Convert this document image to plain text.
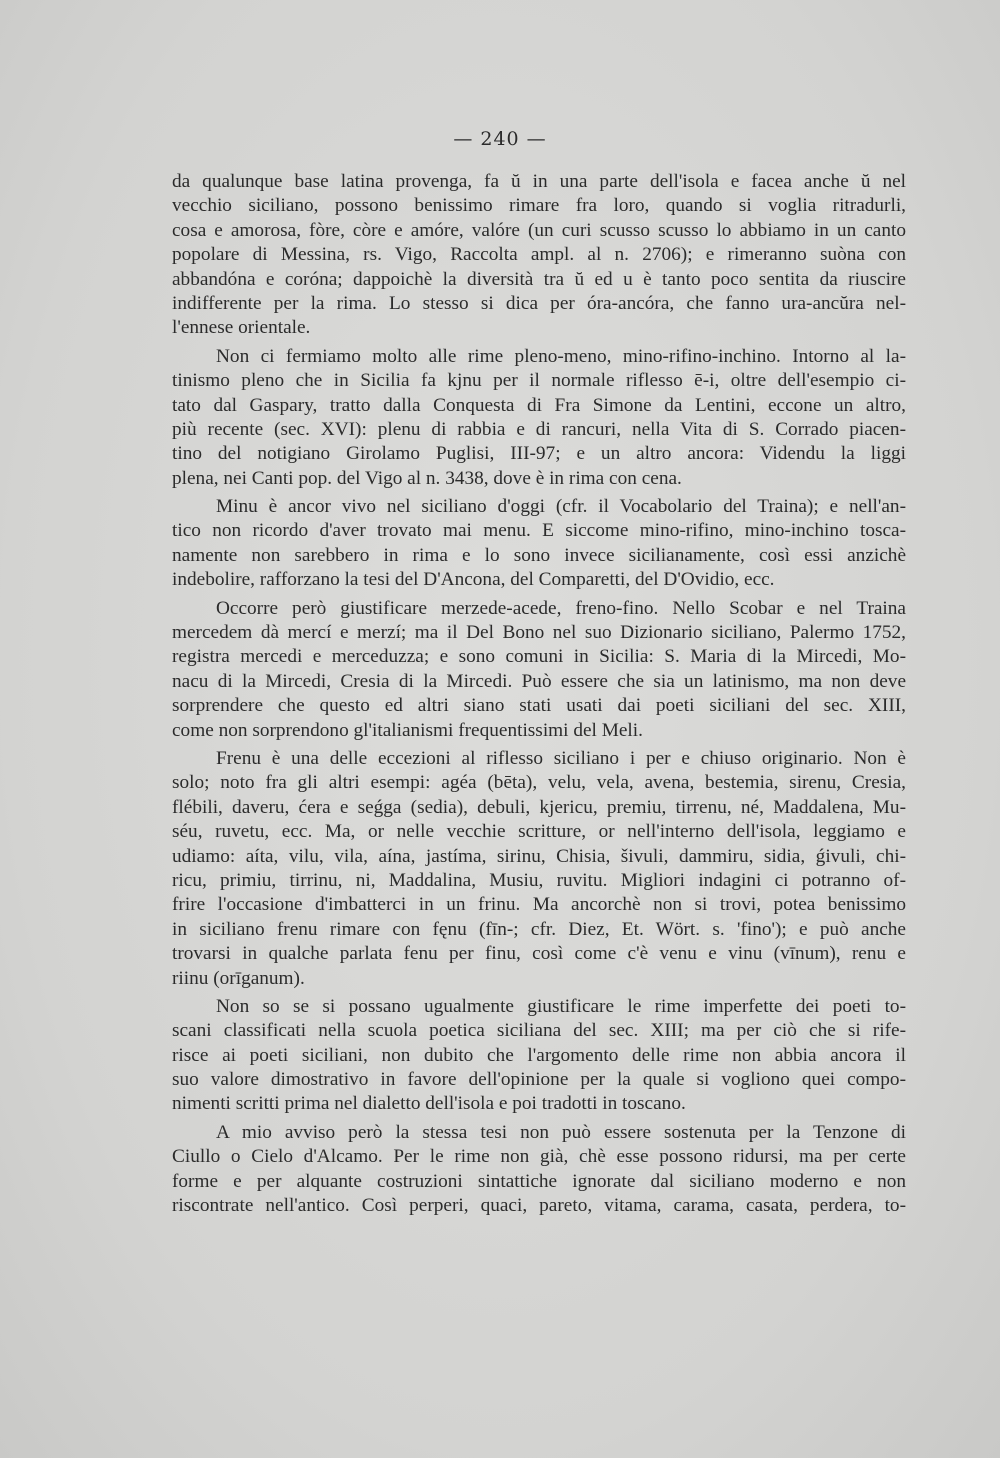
— 240 —
da qualunque base latina provenga, fa ŭ in una parte dell'isola e facea anche ŭ nel
vecchio siciliano, possono benissimo rimare fra loro, quando si voglia ritradurli,
cosa e amorosa, fòre, còre e amóre, valóre (un curi scusso scusso lo abbiamo in un canto
popolare di Messina, rs. Vigo, Raccolta ampl. al n. 2706); e rimeranno suòna con
abbandóna e coróna; dappoichè la diversità tra ŭ ed u è tanto poco sentita da riuscire
indifferente per la rima. Lo stesso si dica per óra-ancóra, che fanno ura-ancŭra nel-
l'ennese orientale.
Non ci fermiamo molto alle rime pleno-meno, mino-rifino-inchino. Intorno al la-
tinismo pleno che in Sicilia fa kjnu per il normale riflesso ē-i, oltre dell'esempio ci-
tato dal Gaspary, tratto dalla Conquesta di Fra Simone da Lentini, eccone un altro,
più recente (sec. XVI): plenu di rabbia e di rancuri, nella Vita di S. Corrado piacen-
tino del notigiano Girolamo Puglisi, III-97; e un altro ancora: Videndu la liggi
plena, nei Canti pop. del Vigo al n. 3438, dove è in rima con cena.
Minu è ancor vivo nel siciliano d'oggi (cfr. il Vocabolario del Traina); e nell'an-
tico non ricordo d'aver trovato mai menu. E siccome mino-rifino, mino-inchino tosca-
namente non sarebbero in rima e lo sono invece sicilianamente, così essi anzichè
indebolire, rafforzano la tesi del D'Ancona, del Comparetti, del D'Ovidio, ecc.
Occorre però giustificare merzede-acede, freno-fino. Nello Scobar e nel Traina
mercedem dà mercí e merzí; ma il Del Bono nel suo Dizionario siciliano, Palermo 1752,
registra mercedi e merceduzza; e sono comuni in Sicilia: S. Maria di la Mircedi, Mo-
nacu di la Mircedi, Cresia di la Mircedi. Può essere che sia un latinismo, ma non deve
sorprendere che questo ed altri siano stati usati dai poeti siciliani del sec. XIII,
come non sorprendono gl'italianismi frequentissimi del Meli.
Frenu è una delle eccezioni al riflesso siciliano i per e chiuso originario. Non è
solo; noto fra gli altri esempi: agéa (bēta), velu, vela, avena, bestemia, sirenu, Cresia,
flébili, daveru, ćera e seǵga (sedia), debuli, kjericu, premiu, tirrenu, né, Maddalena, Mu-
séu, ruvetu, ecc. Ma, or nelle vecchie scritture, or nell'interno dell'isola, leggiamo e
udiamo: aíta, vilu, vila, aína, jastíma, sirinu, Chisia, šivuli, dammiru, sidia, ǵivuli, chi-
ricu, primiu, tirrinu, ni, Maddalina, Musiu, ruvitu. Migliori indagini ci potranno of-
frire l'occasione d'imbatterci in un frinu. Ma ancorchè non si trovi, potea benissimo
in siciliano frenu rimare con fęnu (fīn-; cfr. Diez, Et. Wört. s. 'fino'); e può anche
trovarsi in qualche parlata fenu per finu, così come c'è venu e vinu (vīnum), renu e
riinu (orīganum).
Non so se si possano ugualmente giustificare le rime imperfette dei poeti to-
scani classificati nella scuola poetica siciliana del sec. XIII; ma per ciò che si rife-
risce ai poeti siciliani, non dubito che l'argomento delle rime non abbia ancora il
suo valore dimostrativo in favore dell'opinione per la quale si vogliono quei compo-
nimenti scritti prima nel dialetto dell'isola e poi tradotti in toscano.
A mio avviso però la stessa tesi non può essere sostenuta per la Tenzone di
Ciullo o Cielo d'Alcamo. Per le rime non già, chè esse possono ridursi, ma per certe
forme e per alquante costruzioni sintattiche ignorate dal siciliano moderno e non
riscontrate nell'antico. Così perperi, quaci, pareto, vitama, carama, casata, perdera, to-
